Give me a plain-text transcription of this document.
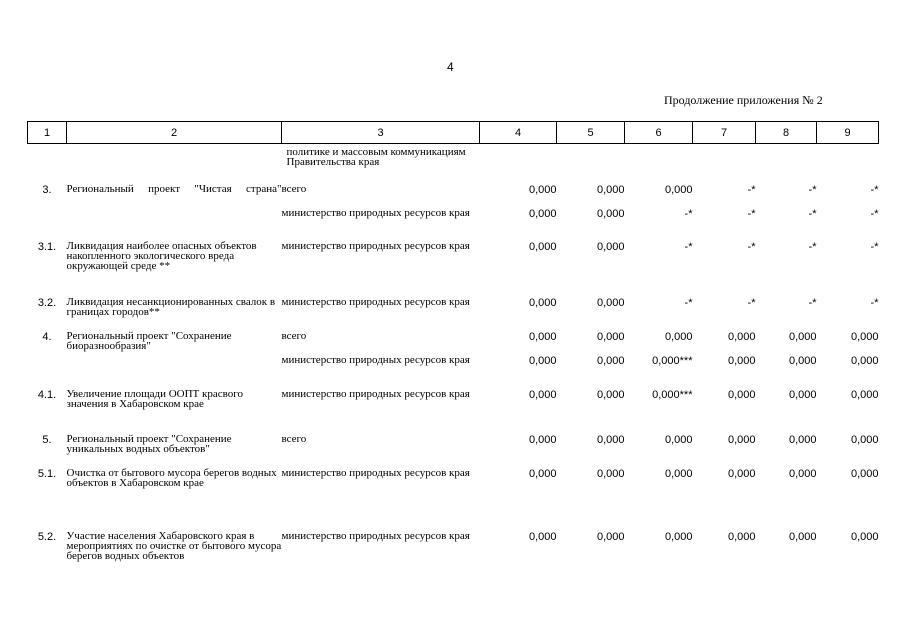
4
Продолжение приложения № 2
1	2	3	4	5	6	7	8	9
		политике и массовым коммуникациям Правительства края						
3.	Региональный проект "Чистая страна"	всего	0,000	0,000	0,000	-*	-*	-*
		министерство природных ресурсов края	0,000	0,000	-*	-*	-*	-*
3.1.	Ликвидация наиболее опасных объектов накопленного экологического вреда окружающей среде **	министерство природных ресурсов края	0,000	0,000	-*	-*	-*	-*
3.2.	Ликвидация несанкционированных свалок в границах городов**	министерство природных ресурсов края	0,000	0,000	-*	-*	-*	-*
4.	Региональный проект "Сохранение биоразнообразия"	всего	0,000	0,000	0,000	0,000	0,000	0,000
		министерство природных ресурсов края	0,000	0,000	0,000***	0,000	0,000	0,000
4.1.	Увеличение площади ООПТ красвого значения в Хабаровском крае	министерство природных ресурсов края	0,000	0,000	0,000***	0,000	0,000	0,000
5.	Региональный проект "Сохранение уникальных водных объектов"	всего	0,000	0,000	0,000	0,000	0,000	0,000
5.1.	Очистка от бытового мусора берегов водных объектов в Хабаровском крае	министерство природных ресурсов края	0,000	0,000	0,000	0,000	0,000	0,000
5.2.	Участие населения Хабаровского края в мероприятиях по очистке от бытового мусора берегов водных объектов	министерство природных ресурсов края	0,000	0,000	0,000	0,000	0,000	0,000
